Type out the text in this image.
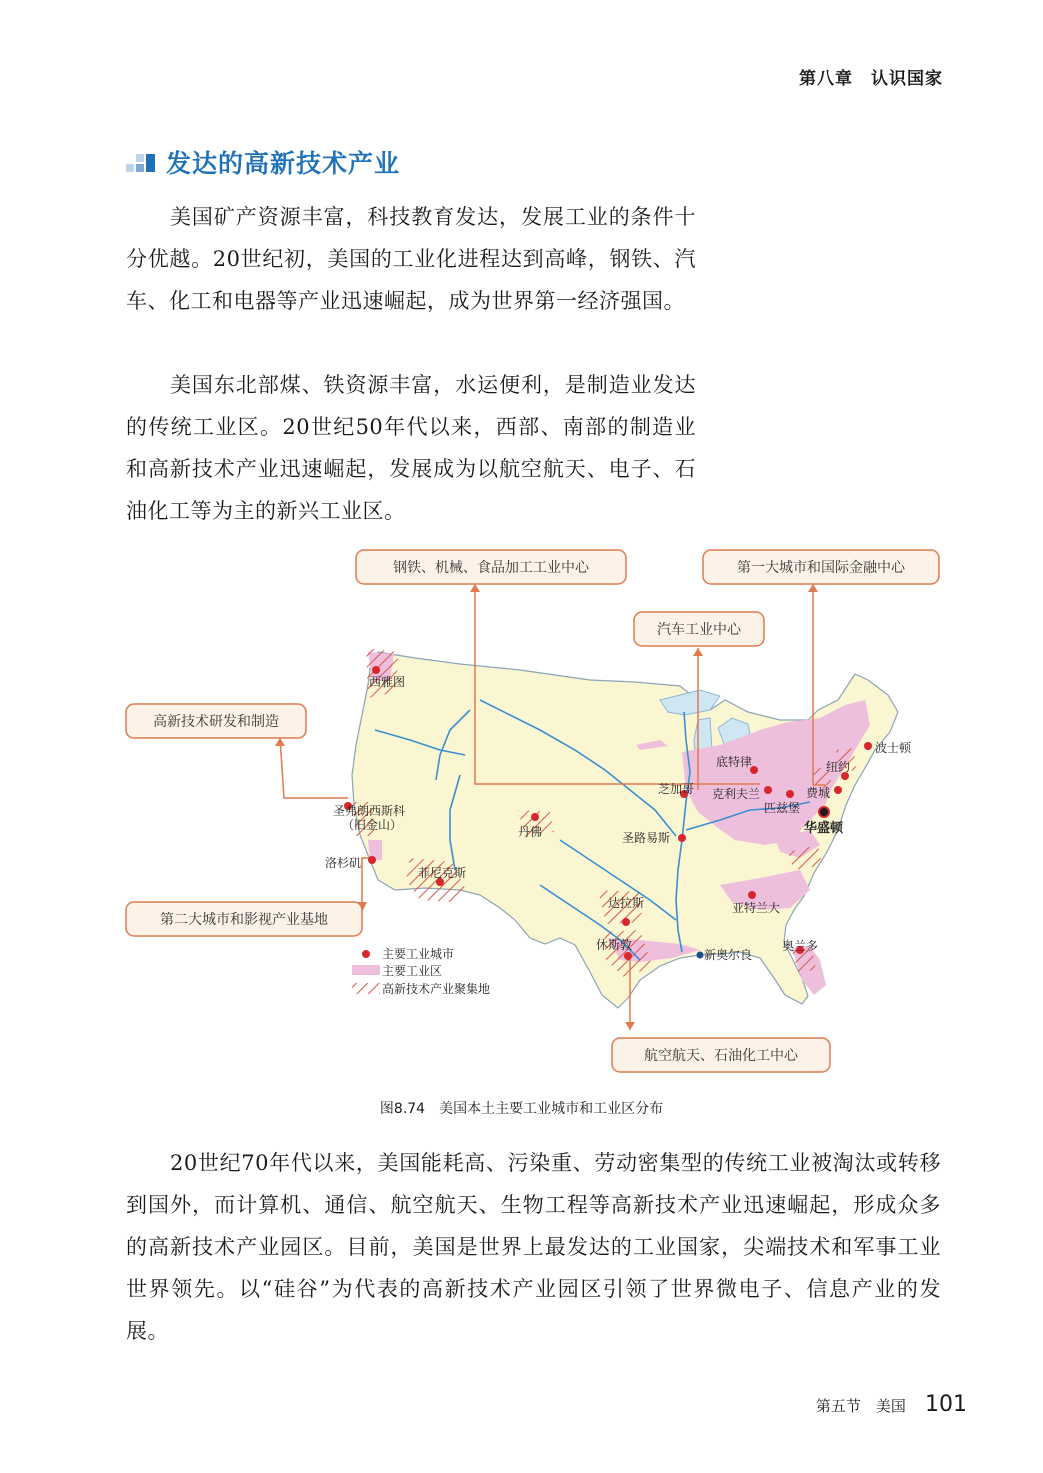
第八章　认识国家
发达的高新技术产业

美国矿产资源丰富，科技教育发达，发展工业的条件十分优越。20世纪初，美国的工业化进程达到高峰，钢铁、汽车、化工和电器等产业迅速崛起，成为世界第一经济强国。

美国东北部煤、铁资源丰富，水运便利，是制造业发达的传统工业区。20世纪50年代以来，西部、南部的制造业和高新技术产业迅速崛起，发展成为以航空航天、电子、石油化工等为主的新兴工业区。

钢铁、机械、食品加工工业中心	第一大城市和国际金融中心
汽车工业中心
高新技术研发和制造
第二大城市和影视产业基地
航空航天、石油化工中心
西雅图
圣弗朗西斯科
（旧金山）
洛杉矶
菲尼克斯
丹佛
达拉斯
休斯敦
新奥尔良
圣路易斯
芝加哥
底特律
克利夫兰
匹兹堡
费城
纽约
波士顿
华盛顿
亚特兰大
奥兰多
主要工业城市
主要工业区
高新技术产业聚集地
图8.74　美国本土主要工业城市和工业区分布

20世纪70年代以来，美国能耗高、污染重、劳动密集型的传统工业被淘汰或转移到国外，而计算机、通信、航空航天、生物工程等高新技术产业迅速崛起，形成众多的高新技术产业园区。目前，美国是世界上最发达的工业国家，尖端技术和军事工业世界领先。以“硅谷”为代表的高新技术产业园区引领了世界微电子、信息产业的发展。

第五节　美国 101
